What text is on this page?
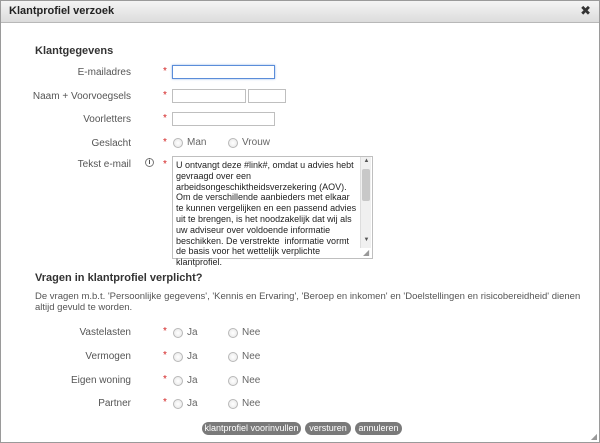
Klantprofiel verzoek	✖
Klantgegevens
E-mailadres	*
Naam + Voorvoegsels	*
Voorletters	*
Geslacht	* Man	Vrouw
Tekst e-mail	i	*	U ontvangt deze #link#, omdat u advies hebt gevraagd over een arbeidsongeschiktheidsverzekering (AOV). Om de verschillende aanbieders met elkaar te kunnen vergelijken en een passend advies uit te brengen, is het noodzakelijk dat wij als uw adviseur over voldoende informatie beschikken. De verstrekte  informatie vormt de basis voor het wettelijk verplichte klantprofiel.
▲
▼
◢
Vragen in klantprofiel verplicht?
De vragen m.b.t. 'Persoonlijke gegevens', 'Kennis en Ervaring', 'Beroep en inkomen' en 'Doelstellingen en risicobereidheid' dienen altijd gevuld te worden.
Vastelasten	* Ja	Nee
Vermogen	* Ja	Nee
Eigen woning	* Ja	Nee
Partner	* Ja	Nee
klantprofiel voorinvullen	versturen	annuleren
◢
